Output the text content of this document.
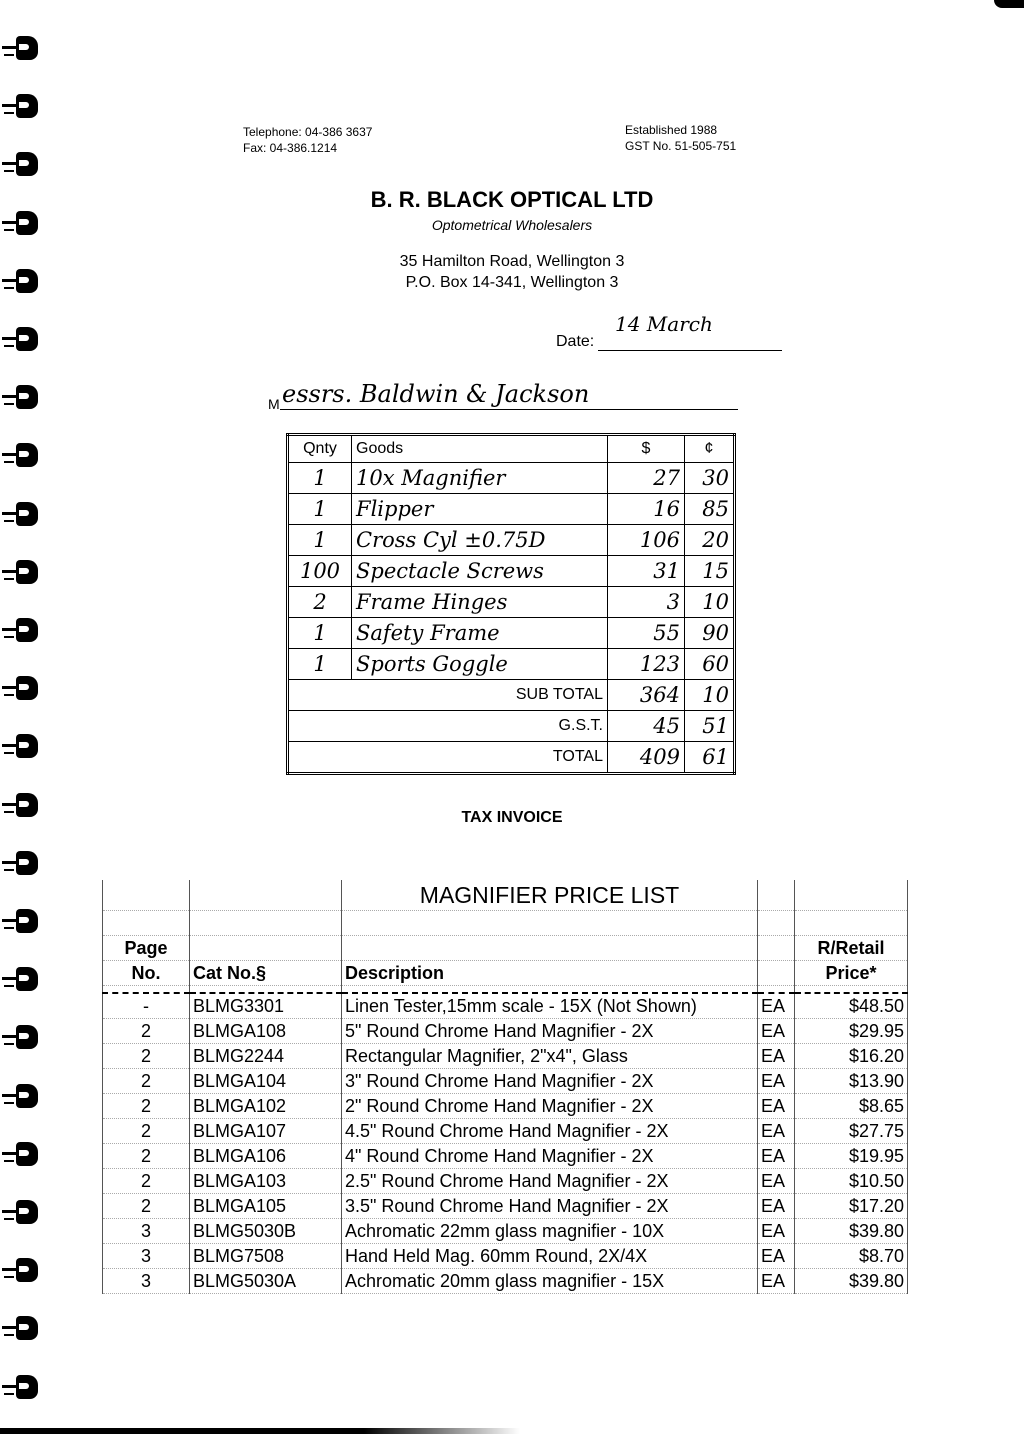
Telephone: 04-386 3637
Fax: 04-386.1214
Established 1988
GST No. 51-505-751
B. R. BLACK OPTICAL LTD
Optometrical Wholesalers
35 Hamilton Road, Wellington 3
P.O. Box 14-341, Wellington 3
Date:
14 March
M essrs. Baldwin & Jackson
Qnty	Goods	$	¢
1	10x Magnifier	27	30
1	Flipper	16	85
1	Cross Cyl ±0.75D	106	20
100	Spectacle Screws	31	15
2	Frame Hinges	3	10
1	Safety Frame	55	90
1	Sports Goggle	123	60
SUB TOTAL		364	10
G.S.T.		45	51
TOTAL		409	61
TAX INVOICE
		MAGNIFIER PRICE LIST		

Page				R/Retail
No.	Cat No.§	Description		Price*

-	BLMG3301	Linen Tester,15mm scale - 15X (Not Shown)	EA	$48.50
2	BLMGA108	5" Round Chrome Hand Magnifier - 2X	EA	$29.95
2	BLMG2244	Rectangular Magnifier, 2"x4", Glass	EA	$16.20
2	BLMGA104	3" Round Chrome Hand Magnifier - 2X	EA	$13.90
2	BLMGA102	2" Round Chrome Hand Magnifier - 2X	EA	$8.65
2	BLMGA107	4.5" Round Chrome Hand Magnifier - 2X	EA	$27.75
2	BLMGA106	4" Round Chrome Hand Magnifier - 2X	EA	$19.95
2	BLMGA103	2.5" Round Chrome Hand Magnifier - 2X	EA	$10.50
2	BLMGA105	3.5" Round Chrome Hand Magnifier - 2X	EA	$17.20
3	BLMG5030B	Achromatic 22mm glass magnifier - 10X	EA	$39.80
3	BLMG7508	Hand Held Mag. 60mm Round, 2X/4X	EA	$8.70
3	BLMG5030A	Achromatic 20mm glass magnifier - 15X	EA	$39.80
